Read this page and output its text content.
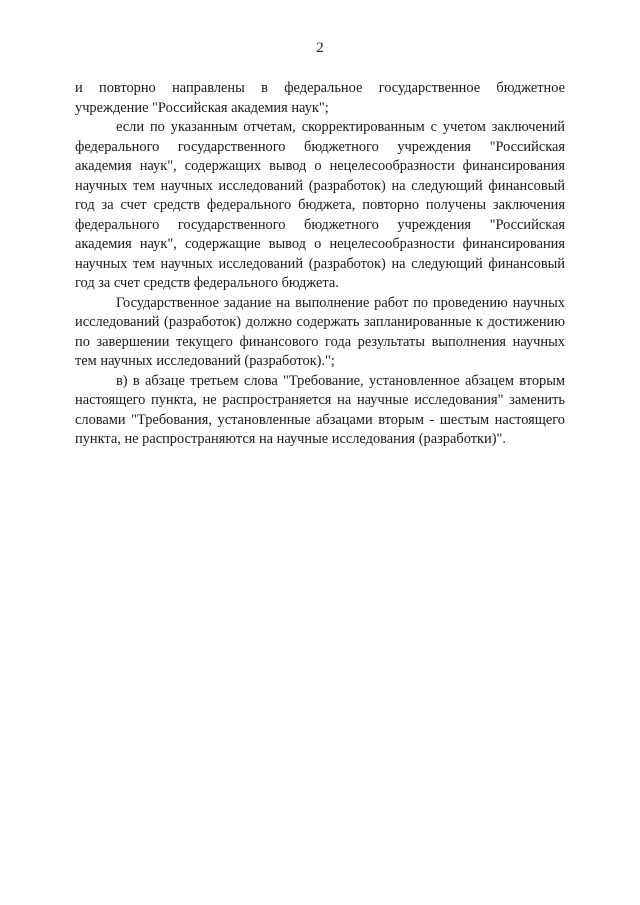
2

и повторно направлены в федеральное государственное бюджетное учреждение "Российская академия наук";

если по указанным отчетам, скорректированным с учетом заключений федерального государственного бюджетного учреждения "Российская академия наук", содержащих вывод о нецелесообразности финансирования научных тем научных исследований (разработок) на следующий финансовый год за счет средств федерального бюджета, повторно получены заключения федерального государственного бюджетного учреждения "Российская академия наук", содержащие вывод о нецелесообразности финансирования научных тем научных исследований (разработок) на следующий финансовый год за счет средств федерального бюджета.

Государственное задание на выполнение работ по проведению научных исследований (разработок) должно содержать запланированные к достижению по завершении текущего финансового года результаты выполнения научных тем научных исследований (разработок).";

в) в абзаце третьем слова "Требование, установленное абзацем вторым настоящего пункта, не распространяется на научные исследования" заменить словами "Требования, установленные абзацами вторым - шестым настоящего пункта, не распространяются на научные исследования (разработки)".
